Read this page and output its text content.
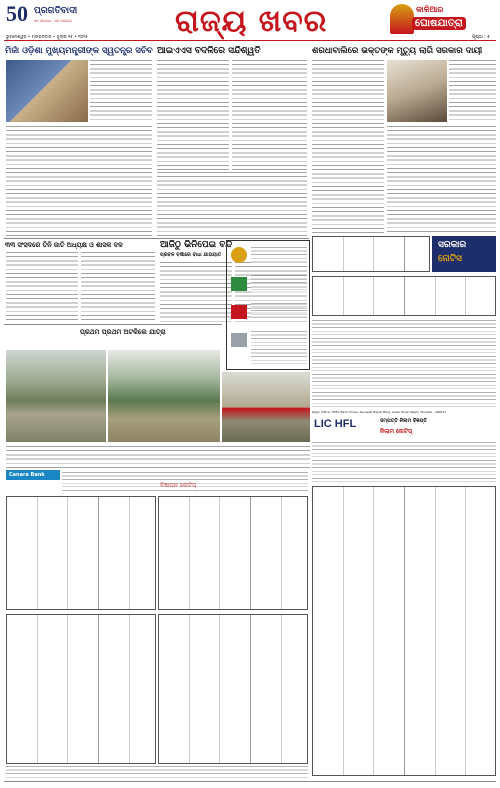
50 ପ୍ରଗତିବାଦୀ
ଜନ ଜାଗରଣ · ଜନ ଜାଗରଣ
ଭୁବନେଶ୍ୱର • ମଙ୍ଗଳବାର • ଜୁଲାଇ ୧୫ • ୨୦୨୫	ରାଜ୍ୟ ଖବର	କାଳିଆର
ଘୋଷଯାତ୍ରା
ପୃଷ୍ଠା : ୫
ମିର୍ଜା ଓଡ଼ିଶା ମୁଖ୍ୟମନ୍ତ୍ରୀଙ୍କ ସ୍ୱତନ୍ତ୍ର ସଚିବ ଆଇଏଏସ ବଦଳିରେ ସନ୍ଦିଶ୍ୱତି	ଶରଧାବାଲିରେ ଭକ୍ତଙ୍କ ମୃତ୍ୟୁ ଲାଗି ସରକାର ଦାୟୀ
୩୩ ସଂସଦରେ ତିନି ଜାତି ଅଧ୍ୟକ୍ଷ ଓ ଶାସକ ଦଳ	ଆଜିଠୁ ଭିନିପେଇ ବନ୍ଦ
ପ୍ରବଳ ବର୍ଷାରେ ବାଧା ଯାତାୟାତ
ପ୍ରଥମ ପ୍ରଥମ ଅଟକିଲେ ଯାତ୍ରା
ସରକାର
ନୋଟିସ
Regd. Office: HDFC Bank House, Senapati Bapat Marg, Lower Parel (West), Mumbai - 400013
LIC HFL	ସମ୍ପତ୍ତି ନିଲାମ ବିଜ୍ଞପ୍ତି
ନିଲାମ ନୋଟିସ୍
Canara Bank
